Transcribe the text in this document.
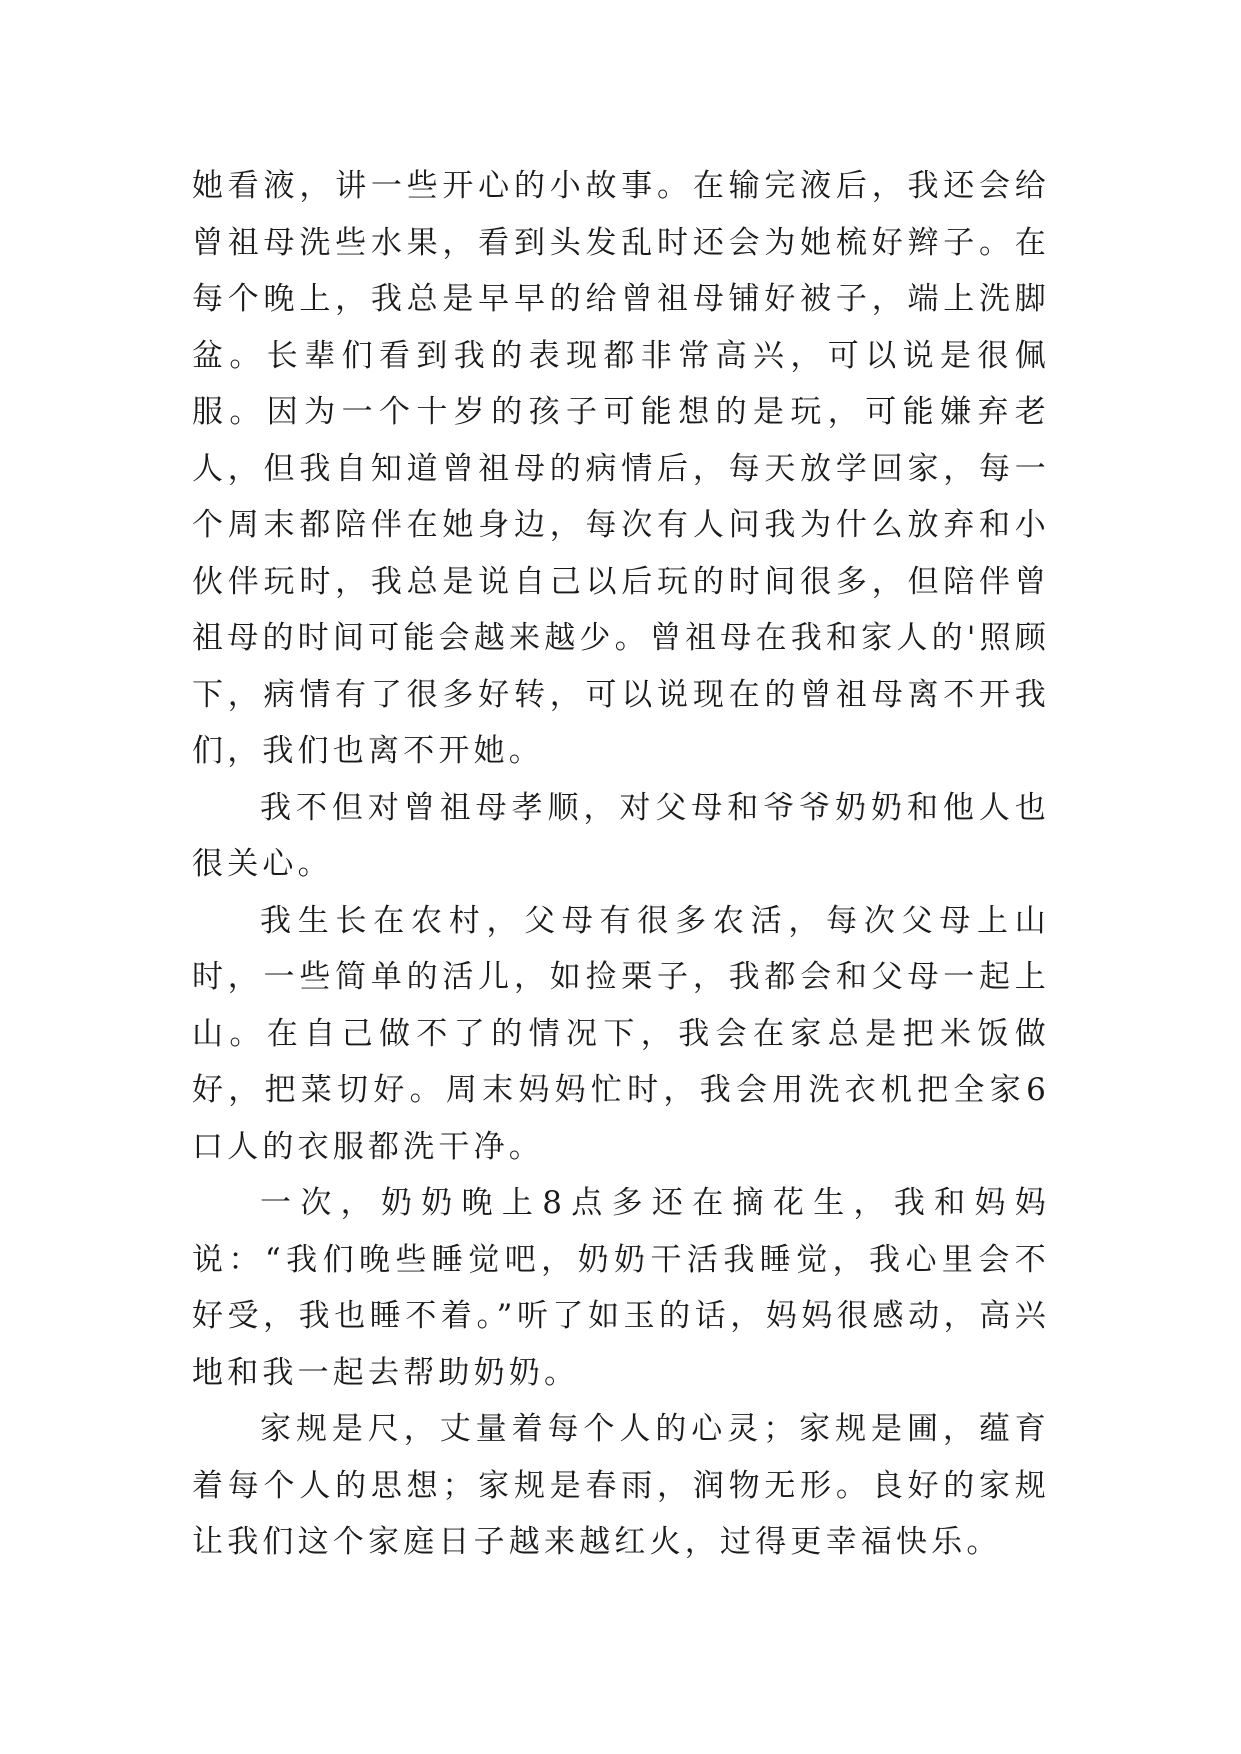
她看液，讲一些开心的小故事。在输完液后，我还会给曾祖母洗些水果，看到头发乱时还会为她梳好辫子。在每个晚上，我总是早早的给曾祖母铺好被子，端上洗脚盆。长辈们看到我的表现都非常高兴，可以说是很佩服。因为一个十岁的孩子可能想的是玩，可能嫌弃老人，但我自知道曾祖母的病情后，每天放学回家，每一个周末都陪伴在她身边，每次有人问我为什么放弃和小伙伴玩时，我总是说自己以后玩的时间很多，但陪伴曾祖母的时间可能会越来越少。曾祖母在我和家人的'照顾下，病情有了很多好转，可以说现在的曾祖母离不开我们，我们也离不开她。

我不但对曾祖母孝顺，对父母和爷爷奶奶和他人也很关心。

我生长在农村，父母有很多农活，每次父母上山时，一些简单的活儿，如捡栗子，我都会和父母一起上山。在自己做不了的情况下，我会在家总是把米饭做好，把菜切好。周末妈妈忙时，我会用洗衣机把全家6口人的衣服都洗干净。

一次，奶奶晚上8点多还在摘花生，我和妈妈说：“我们晚些睡觉吧，奶奶干活我睡觉，我心里会不好受，我也睡不着。”听了如玉的话，妈妈很感动，高兴地和我一起去帮助奶奶。

家规是尺，丈量着每个人的心灵；家规是圃，蕴育着每个人的思想；家规是春雨，润物无形。良好的家规让我们这个家庭日子越来越红火，过得更幸福快乐。
